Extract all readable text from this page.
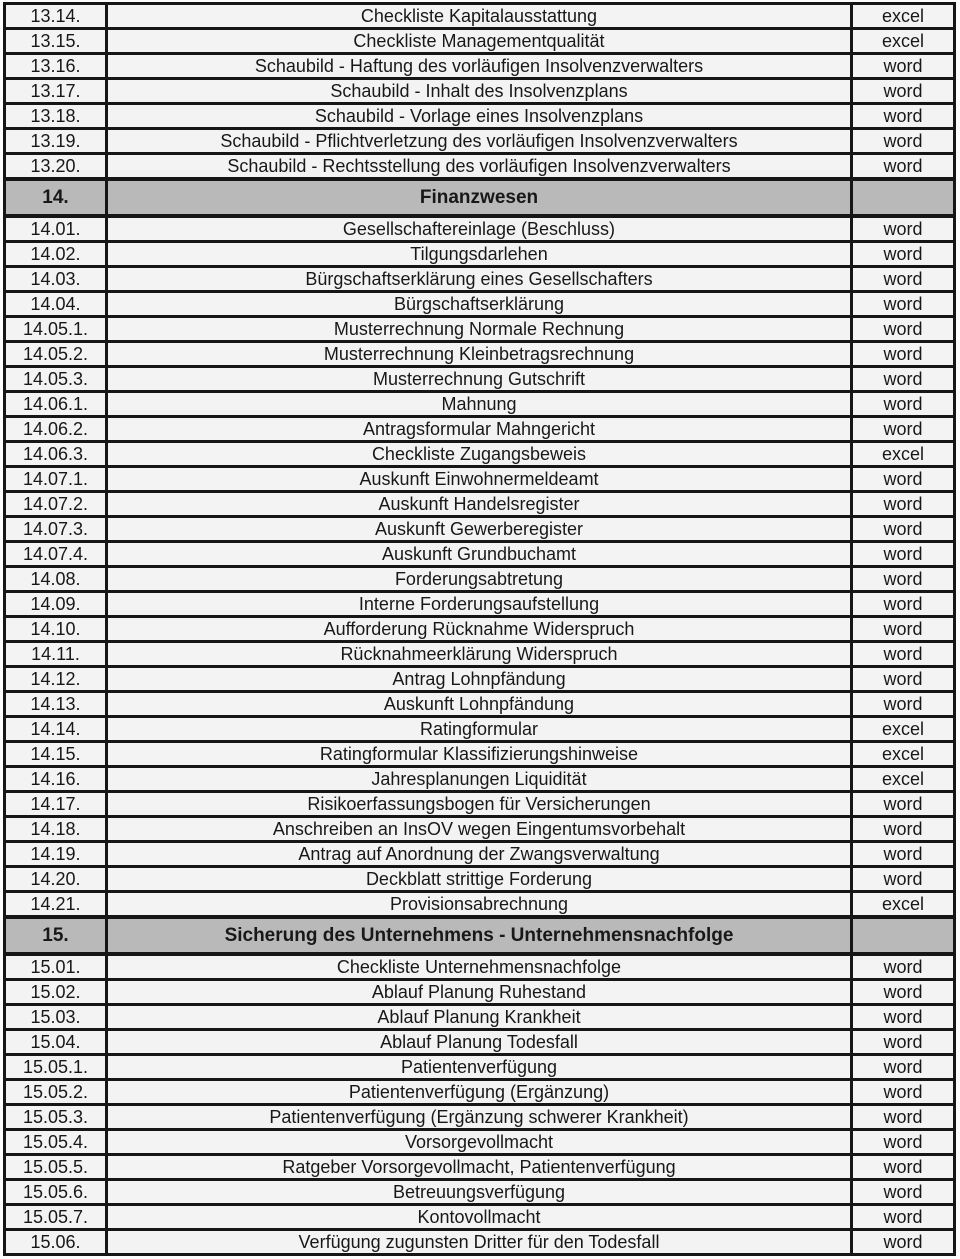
13.14.	Checkliste Kapitalausstattung	excel
13.15.	Checkliste Managementqualität	excel
13.16.	Schaubild - Haftung des vorläufigen Insolvenzverwalters	word
13.17.	Schaubild - Inhalt des Insolvenzplans	word
13.18.	Schaubild - Vorlage eines Insolvenzplans	word
13.19.	Schaubild - Pflichtverletzung des vorläufigen Insolvenzverwalters	word
13.20.	Schaubild - Rechtsstellung des vorläufigen Insolvenzverwalters	word
14.	Finanzwesen	
14.01.	Gesellschaftereinlage (Beschluss)	word
14.02.	Tilgungsdarlehen	word
14.03.	Bürgschaftserklärung eines Gesellschafters	word
14.04.	Bürgschaftserklärung	word
14.05.1.	Musterrechnung Normale Rechnung	word
14.05.2.	Musterrechnung Kleinbetragsrechnung	word
14.05.3.	Musterrechnung Gutschrift	word
14.06.1.	Mahnung	word
14.06.2.	Antragsformular Mahngericht	word
14.06.3.	Checkliste Zugangsbeweis	excel
14.07.1.	Auskunft Einwohnermeldeamt	word
14.07.2.	Auskunft Handelsregister	word
14.07.3.	Auskunft Gewerberegister	word
14.07.4.	Auskunft Grundbuchamt	word
14.08.	Forderungsabtretung	word
14.09.	Interne Forderungsaufstellung	word
14.10.	Aufforderung Rücknahme Widerspruch	word
14.11.	Rücknahmeerklärung Widerspruch	word
14.12.	Antrag Lohnpfändung	word
14.13.	Auskunft Lohnpfändung	word
14.14.	Ratingformular	excel
14.15.	Ratingformular Klassifizierungshinweise	excel
14.16.	Jahresplanungen Liquidität	excel
14.17.	Risikoerfassungsbogen für Versicherungen	word
14.18.	Anschreiben an InsOV wegen Eingentumsvorbehalt	word
14.19.	Antrag auf Anordnung der Zwangsverwaltung	word
14.20.	Deckblatt strittige Forderung	word
14.21.	Provisionsabrechnung	excel
15.	Sicherung des Unternehmens - Unternehmensnachfolge	
15.01.	Checkliste Unternehmensnachfolge	word
15.02.	Ablauf Planung Ruhestand	word
15.03.	Ablauf Planung Krankheit	word
15.04.	Ablauf Planung Todesfall	word
15.05.1.	Patientenverfügung	word
15.05.2.	Patientenverfügung (Ergänzung)	word
15.05.3.	Patientenverfügung (Ergänzung schwerer Krankheit)	word
15.05.4.	Vorsorgevollmacht	word
15.05.5.	Ratgeber Vorsorgevollmacht, Patientenverfügung	word
15.05.6.	Betreuungsverfügung	word
15.05.7.	Kontovollmacht	word
15.06.	Verfügung zugunsten Dritter für den Todesfall	word
